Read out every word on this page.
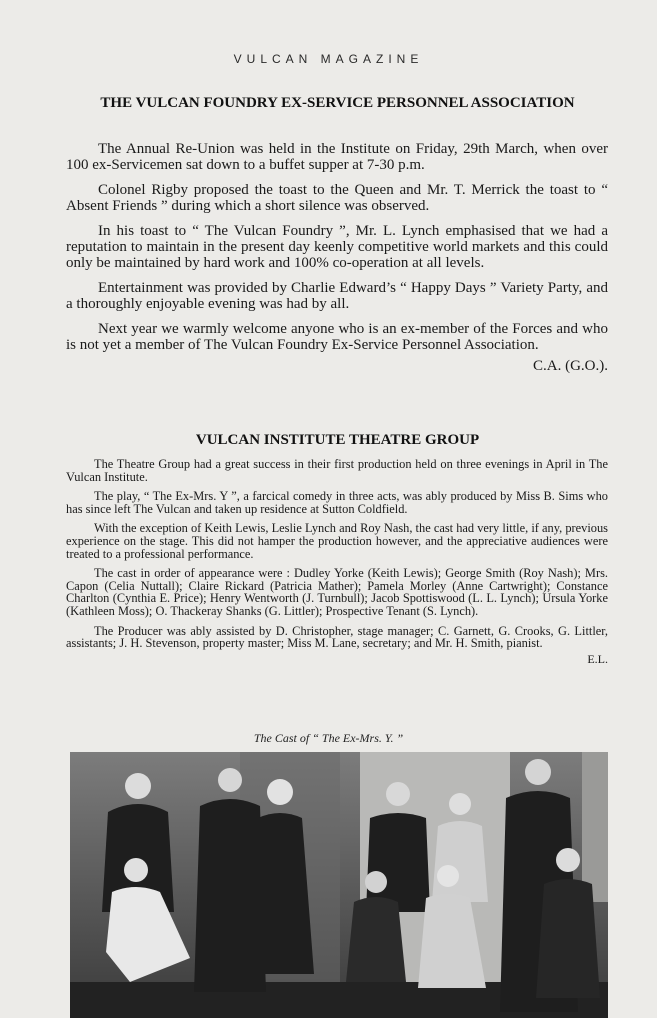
VULCAN MAGAZINE
THE VULCAN FOUNDRY EX-SERVICE PERSONNEL ASSOCIATION

The Annual Re-Union was held in the Institute on Friday, 29th March, when over 100 ex-Servicemen sat down to a buffet supper at 7-30 p.m.

Colonel Rigby proposed the toast to the Queen and Mr. T. Merrick the toast to “ Absent Friends ” during which a short silence was observed.

In his toast to “ The Vulcan Foundry ”, Mr. L. Lynch emphasised that we had a reputation to maintain in the present day keenly competitive world markets and this could only be maintained by hard work and 100% co-operation at all levels.

Entertainment was provided by Charlie Edward’s “ Happy Days ” Variety Party, and a thoroughly enjoyable evening was had by all.

Next year we warmly welcome anyone who is an ex-member of the Forces and who is not yet a member of The Vulcan Foundry Ex-Service Personnel Association.

C.A. (G.O.).
VULCAN INSTITUTE THEATRE GROUP

The Theatre Group had a great success in their first production held on three evenings in April in The Vulcan Institute.

The play, “ The Ex-Mrs. Y ”, a farcical comedy in three acts, was ably produced by Miss B. Sims who has since left The Vulcan and taken up residence at Sutton Coldfield.

With the exception of Keith Lewis, Leslie Lynch and Roy Nash, the cast had very little, if any, previous experience on the stage. This did not hamper the production however, and the appreciative audiences were treated to a professional performance.

The cast in order of appearance were : Dudley Yorke (Keith Lewis); George Smith (Roy Nash); Mrs. Capon (Celia Nuttall); Claire Rickard (Patricia Mather); Pamela Morley (Anne Cartwright); Constance Charlton (Cynthia E. Price); Henry Wentworth (J. Turnbull); Jacob Spottiswood (L. L. Lynch); Ursula Yorke (Kathleen Moss); O. Thackeray Shanks (G. Littler); Prospective Tenant (S. Lynch).

The Producer was ably assisted by D. Christopher, stage manager; C. Garnett, G. Crooks, G. Littler, assistants; J. H. Stevenson, property master; Miss M. Lane, secretary; and Mr. H. Smith, pianist.

E.L.
The Cast of “ The Ex-Mrs. Y. ”
